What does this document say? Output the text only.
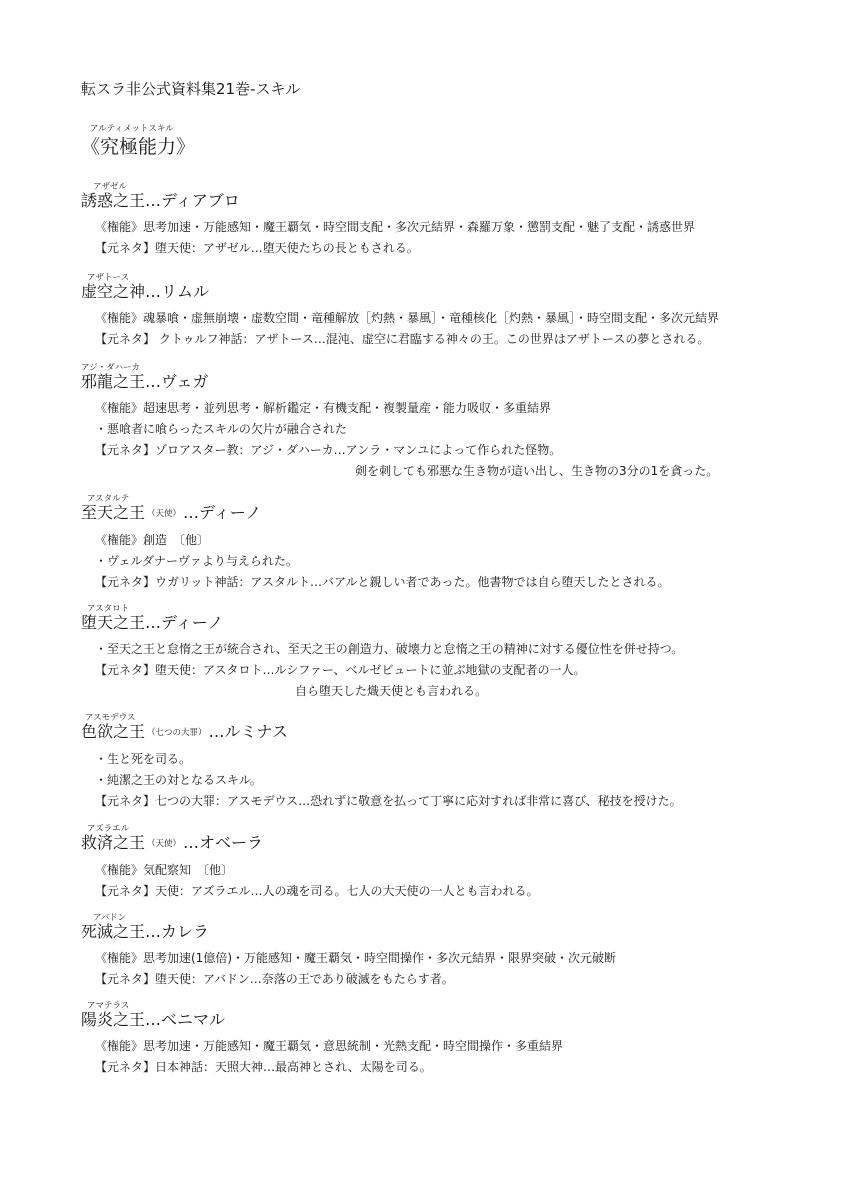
転スラ非公式資料集21巻-スキル
アルティメットスキル
《究極能力》
アザゼル
誘惑之王…ディアブロ
《権能》思考加速・万能感知・魔王覇気・時空間支配・多次元結界・森羅万象・懲罰支配・魅了支配・誘惑世界
【元ネタ】堕天使：アザゼル…堕天使たちの長ともされる。
アザトース
虚空之神…リムル
《権能》魂暴喰・虚無崩壊・虚数空間・竜種解放［灼熱・暴風］・竜種核化［灼熱・暴風］・時空間支配・多次元結界
【元ネタ】 クトゥルフ神話：アザトース…混沌、虚空に君臨する神々の王。この世界はアザトースの夢とされる。
アジ・ダハーカ
邪龍之王…ヴェガ
《権能》超速思考・並列思考・解析鑑定・有機支配・複製量産・能力吸収・多重結界
・悪喰者に喰らったスキルの欠片が融合された
【元ネタ】ゾロアスター教：アジ・ダハーカ…アンラ・マンユによって作られた怪物。
剣を刺しても邪悪な生き物が這い出し、生き物の3分の1を貪った。
アスタルテ
至天之王 （天使） …ディーノ
《権能》創造　〔他〕
・ヴェルダナーヴァより与えられた。
【元ネタ】ウガリット神話：アスタルト…バアルと親しい者であった。他書物では自ら堕天したとされる。
アスタロト
堕天之王…ディーノ
・至天之王と怠惰之王が統合され、至天之王の創造力、破壊力と怠惰之王の精神に対する優位性を併せ持つ。
【元ネタ】堕天使：アスタロト…ルシファー、ベルゼビュートに並ぶ地獄の支配者の一人。
自ら堕天した熾天使とも言われる。
アスモデウス
色欲之王 （七つの大罪） …ルミナス
・生と死を司る。
・純潔之王の対となるスキル。
【元ネタ】七つの大罪：アスモデウス…恐れずに敬意を払って丁寧に応対すれば非常に喜び、秘技を授けた。
アズラエル
救済之王 （天使） …オベーラ
《権能》気配察知　〔他〕
【元ネタ】天使：アズラエル…人の魂を司る。七人の大天使の一人とも言われる。
アバドン
死滅之王…カレラ
《権能》思考加速(1億倍)・万能感知・魔王覇気・時空間操作・多次元結界・限界突破・次元破断
【元ネタ】堕天使：アバドン…奈落の王であり破滅をもたらす者。
アマテラス
陽炎之王…ベニマル
《権能》思考加速・万能感知・魔王覇気・意思統制・光熱支配・時空間操作・多重結界
【元ネタ】日本神話：天照大神…最高神とされ、太陽を司る。
